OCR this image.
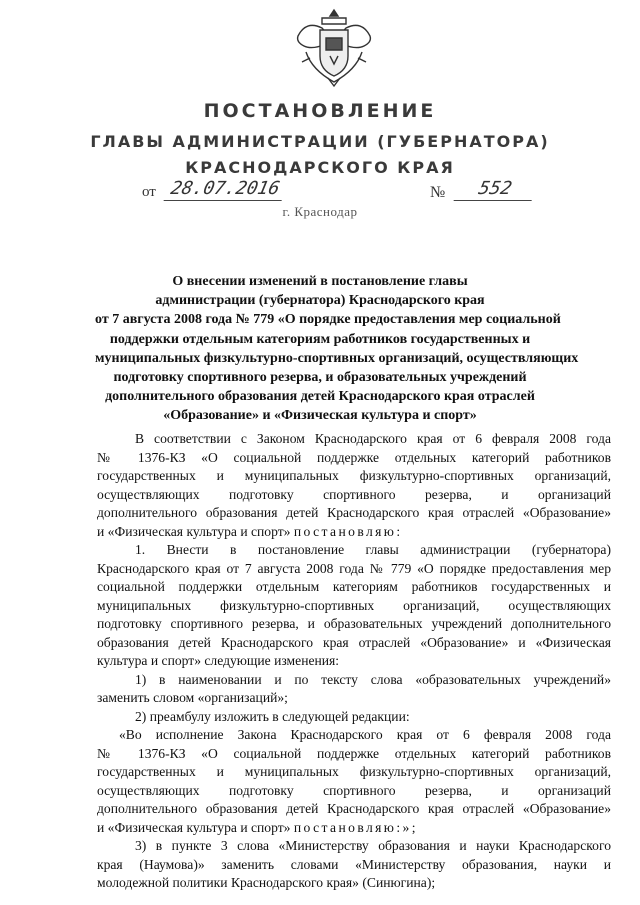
ПОСТАНОВЛЕНИЕ
ГЛАВЫ АДМИНИСТРАЦИИ (ГУБЕРНАТОРА)
КРАСНОДАРСКОГО КРАЯ
от 28.07.2016	№	552
г. Краснодар
О внесении изменений в постановление главы
администрации (губернатора) Краснодарского края
от 7 августа 2008 года № 779 «О порядке предоставления мер социальной
поддержки отдельным категориям работников государственных и
муниципальных физкультурно-спортивных организаций, осуществляющих
подготовку спортивного резерва, и образовательных учреждений
дополнительного образования детей Краснодарского края отраслей
«Образование» и «Физическая культура и спорт»
В соответствии с Законом Краснодарского края от 6 февраля 2008 года
№ 1376-КЗ «О социальной поддержке отдельных категорий работников
государственных и муниципальных физкультурно-спортивных организаций,
осуществляющих подготовку спортивного резерва, и организаций
дополнительного образования детей Краснодарского края отраслей «Образование»
и «Физическая культура и спорт» постановляю:
1. Внести в постановление главы администрации (губернатора)
Краснодарского края от 7 августа 2008 года № 779 «О порядке предоставления мер
социальной поддержки отдельным категориям работников государственных и
муниципальных физкультурно-спортивных организаций, осуществляющих
подготовку спортивного резерва, и образовательных учреждений дополнительного
образования детей Краснодарского края отраслей «Образование» и «Физическая
культура и спорт» следующие изменения:
1) в наименовании и по тексту слова «образовательных учреждений»
заменить словом «организаций»;
2) преамбулу изложить в следующей редакции:
«Во исполнение Закона Краснодарского края от 6 февраля 2008 года
№ 1376-КЗ «О социальной поддержке отдельных категорий работников
государственных и муниципальных физкультурно-спортивных организаций,
осуществляющих подготовку спортивного резерва, и организаций
дополнительного образования детей Краснодарского края отраслей «Образование»
и «Физическая культура и спорт» постановляю:»;
3) в пункте 3 слова «Министерству образования и науки Краснодарского
края (Наумова)» заменить словами «Министерству образования, науки и
молодежной политики Краснодарского края» (Синюгина);
